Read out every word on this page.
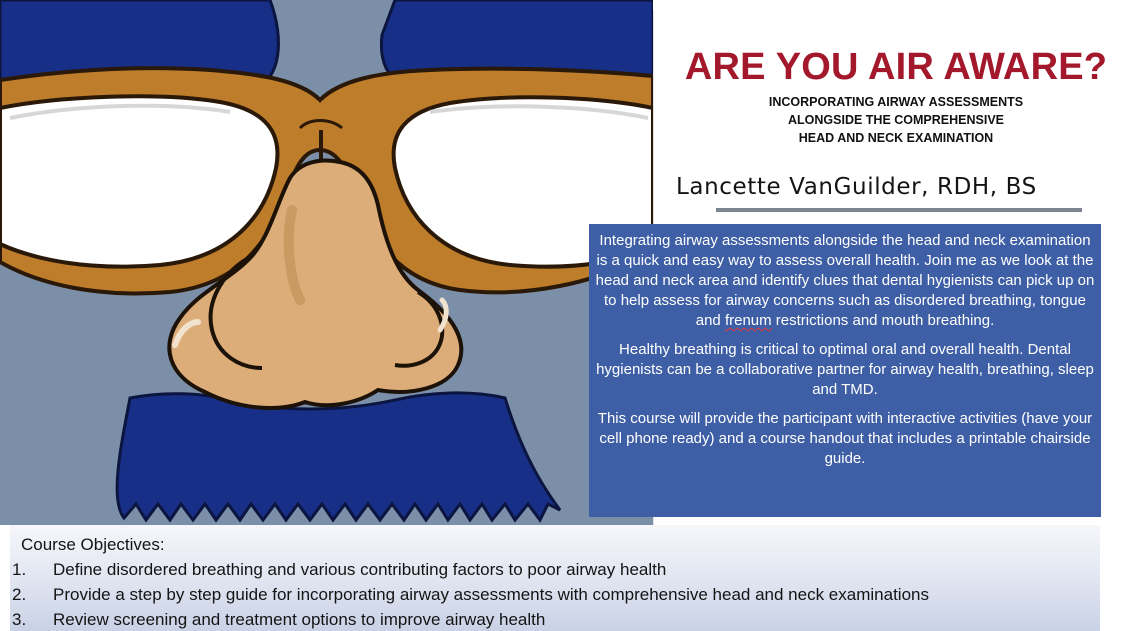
ARE YOU AIR AWARE?
INCORPORATING AIRWAY ASSESSMENTS
ALONGSIDE THE COMPREHENSIVE
HEAD AND NECK EXAMINATION
Lancette VanGuilder, RDH, BS

Integrating airway assessments alongside the head and neck examination is a quick and easy way to assess overall health. Join me as we look at the head and neck area and identify clues that dental hygienists can pick up on to help assess for airway concerns such as disordered breathing, tongue and frenum restrictions and mouth breathing.

Healthy breathing is critical to optimal oral and overall health. Dental hygienists can be a collaborative partner for airway health, breathing, sleep and TMD.

This course will provide the participant with interactive activities (have your cell phone ready) and a course handout that includes a printable chairside guide.

Course Objectives:
1.	Define disordered breathing and various contributing factors to poor airway health
2.	Provide a step by step guide for incorporating airway assessments with comprehensive head and neck examinations
3.	Review screening and treatment options to improve airway health
